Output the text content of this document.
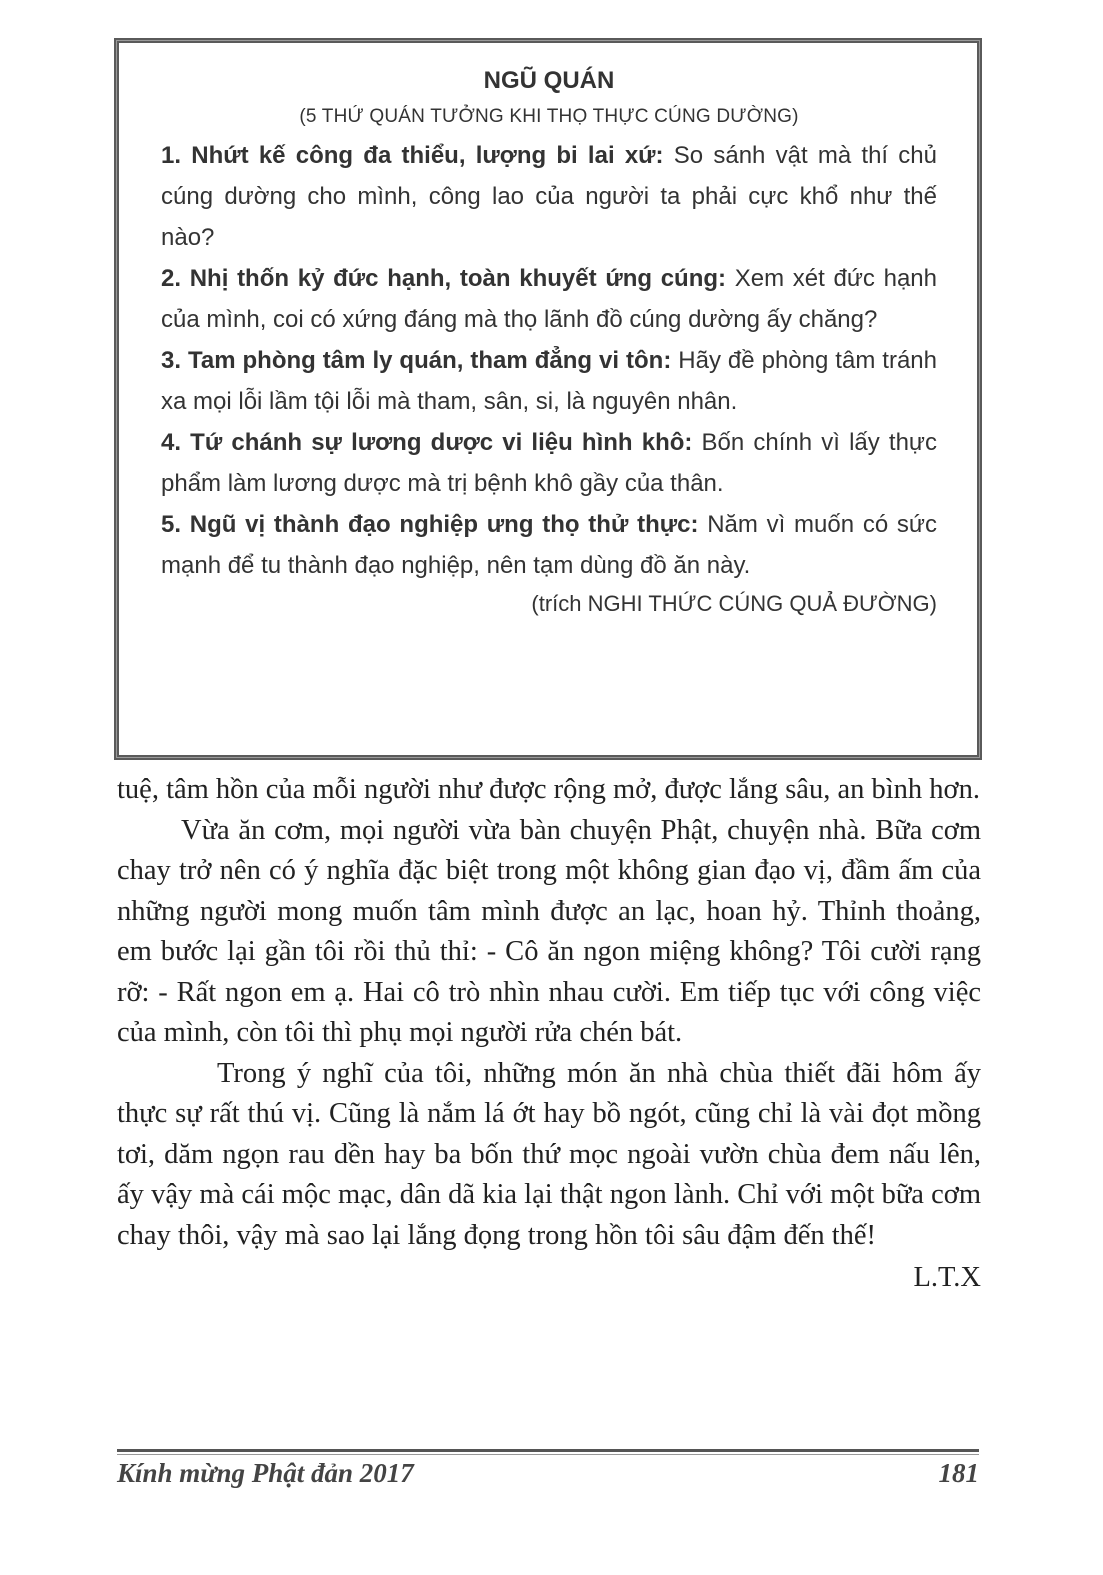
NGŨ QUÁN
(5 THỨ QUÁN TƯỞNG KHI THỌ THỰC CÚNG DƯỜNG)

1. Nhứt kế công đa thiểu, lượng bi lai xứ: So sánh vật mà thí chủ cúng dường cho mình, công lao của người ta phải cực khổ như thế nào?

2. Nhị thốn kỷ đức hạnh, toàn khuyết ứng cúng: Xem xét đức hạnh của mình, coi có xứng đáng mà thọ lãnh đồ cúng dường ấy chăng?

3. Tam phòng tâm ly quán, tham đẳng vi tôn: Hãy đề phòng tâm tránh xa mọi lỗi lầm tội lỗi mà tham, sân, si, là nguyên nhân.

4. Tứ chánh sự lương dược vi liệu hình khô: Bốn chính vì lấy thực phẩm làm lương dược mà trị bệnh khô gầy của thân.

5. Ngũ vị thành đạo nghiệp ưng thọ thử thực: Năm vì muốn có sức mạnh để tu thành đạo nghiệp, nên tạm dùng đồ ăn này.

(trích NGHI THỨC CÚNG QUẢ ĐƯỜNG)

tuệ, tâm hồn của mỗi người như được rộng mở, được lắng sâu, an bình hơn.

Vừa ăn cơm, mọi người vừa bàn chuyện Phật, chuyện nhà. Bữa cơm chay trở nên có ý nghĩa đặc biệt trong một không gian đạo vị, đầm ấm của những người mong muốn tâm mình được an lạc, hoan hỷ. Thỉnh thoảng, em bước lại gần tôi rồi thủ thỉ: - Cô ăn ngon miệng không? Tôi cười rạng rỡ: - Rất ngon em ạ. Hai cô trò nhìn nhau cười. Em tiếp tục với công việc của mình, còn tôi thì phụ mọi người rửa chén bát.

Trong ý nghĩ của tôi, những món ăn nhà chùa thiết đãi hôm ấy thực sự rất thú vị. Cũng là nắm lá ớt hay bồ ngót, cũng chỉ là vài đọt mồng tơi, dăm ngọn rau dền hay ba bốn thứ mọc ngoài vườn chùa đem nấu lên, ấy vậy mà cái mộc mạc, dân dã kia lại thật ngon lành. Chỉ với một bữa cơm chay thôi, vậy mà sao lại lắng đọng trong hồn tôi sâu đậm đến thế!

L.T.X

Kính mừng Phật đản 2017	181
